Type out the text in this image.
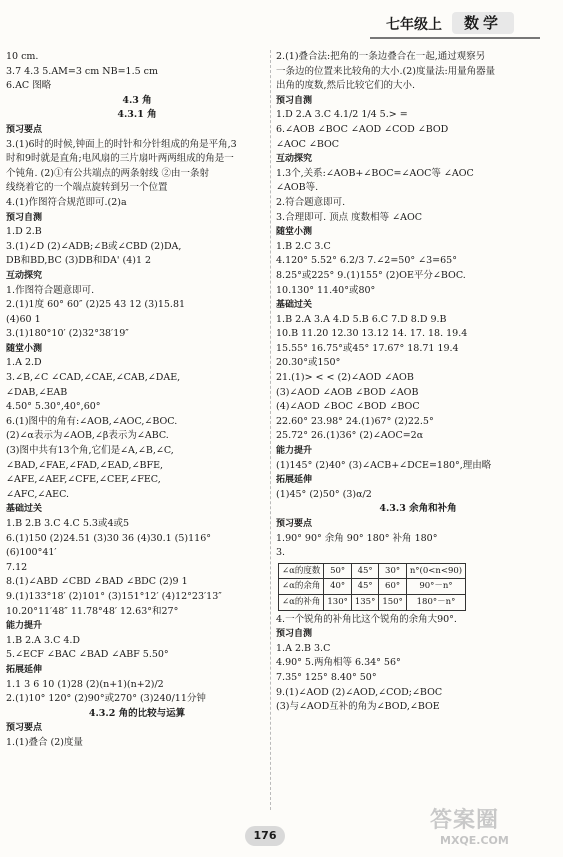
七年级上	数学
10 cm.
3.7 4.3 5.AM=3 cm NB=1.5 cm
6.AC 图略
4.3 角
4.3.1 角
预习要点
3.(1)6时的时候,钟面上的时针和分针组成的角是平角,3
时和9时就是直角;电风扇的三片扇叶两两组成的角是一
个钝角. (2)①有公共端点的两条射线 ②由一条射
线绕着它的一个端点旋转到另一个位置
4.(1)作图符合规范即可.(2)a
预习自测
1.D 2.B
3.(1)∠D (2)∠ADB;∠B或∠CBD (2)DA,
DB和BD,BC (3)DB和DA' (4)1 2
互动探究
1.作图符合题意即可.
2.(1)1度 60° 60″ (2)25 43 12 (3)15.81
(4)60 1
3.(1)180°10′ (2)32°38′19″
随堂小测
1.A 2.D
3.∠B,∠C ∠CAD,∠CAE,∠CAB,∠DAE,
∠DAB,∠EAB
4.50° 5.30°,40°,60°
6.(1)图中的角有:∠AOB,∠AOC,∠BOC.
(2)∠α表示为∠AOB,∠β表示为∠ABC.
(3)图中共有13个角,它们是∠A,∠B,∠C,
∠BAD,∠FAE,∠FAD,∠EAD,∠BFE,
∠AFE,∠AEF,∠CFE,∠CEF,∠FEC,
∠AFC,∠AEC.
基础过关
1.B 2.B 3.C 4.C 5.3或4或5
6.(1)150 (2)24.51 (3)30 36 (4)30.1 (5)116°
(6)100°41′
7.12
8.(1)∠ABD ∠CBD ∠BAD ∠BDC (2)9 1
9.(1)133°18′ (2)101° (3)151°12′ (4)12°23′13″
10.20°11′48″ 11.78°48′ 12.63°和27°
能力提升
1.B 2.A 3.C 4.D
5.∠ECF ∠BAC ∠BAD ∠ABF 5.50°
拓展延伸
1.1 3 6 10 (1)28 (2)(n+1)(n+2)/2
2.(1)10° 120° (2)90°或270° (3)240/11分钟
4.3.2 角的比较与运算
预习要点
1.(1)叠合 (2)度量
2.(1)叠合法:把角的一条边叠合在一起,通过观察另
一条边的位置来比较角的大小.(2)度量法:用量角器量
出角的度数,然后比较它们的大小.
预习自测
1.D 2.A 3.C 4.1/2 1/4 5.> =
6.∠AOB ∠BOC ∠AOD ∠COD ∠BOD
∠AOC ∠BOC
互动探究
1.3个,关系:∠AOB+∠BOC=∠AOC等 ∠AOC
∠AOB等.
2.符合题意即可.
3.合理即可. 顶点 度数相等 ∠AOC
随堂小测
1.B 2.C 3.C
4.120° 5.52° 6.2/3 7.∠2=50° ∠3=65°
8.25°或225° 9.(1)155° (2)OE平分∠BOC.
10.130° 11.40°或80°
基础过关
1.B 2.A 3.A 4.D 5.B 6.C 7.D 8.D 9.B
10.B 11.20 12.30 13.12 14. 17. 18. 19.4
15.55° 16.75°或45° 17.67° 18.71 19.4
20.30°或150°
21.(1)> < < (2)∠AOD ∠AOB
(3)∠AOD ∠AOB ∠BOD ∠AOB
(4)∠AOD ∠BOC ∠BOD ∠BOC
22.60° 23.98° 24.(1)67° (2)22.5°
25.72° 26.(1)36° (2)∠AOC=2α
能力提升
(1)145° (2)40° (3)∠ACB+∠DCE=180°,理由略
拓展延伸
(1)45° (2)50° (3)α/2
4.3.3 余角和补角
预习要点
1.90° 90° 余角 90° 180° 补角 180°
3.
∠α的度数	50°	45°	30°	n°(0<n<90)
∠α的余角	40°	45°	60°	90°－n°
∠α的补角	130°	135°	150°	180°－n°
4.一个锐角的补角比这个锐角的余角大90°.
预习自测
1.A 2.B 3.C
4.90° 5.两角相等 6.34° 56°
7.35° 125° 8.40° 50°
9.(1)∠AOD (2)∠AOD,∠COD;∠BOC
(3)与∠AOD互补的角为∠BOD,∠BOE
176
答案圈
MXQE.COM
